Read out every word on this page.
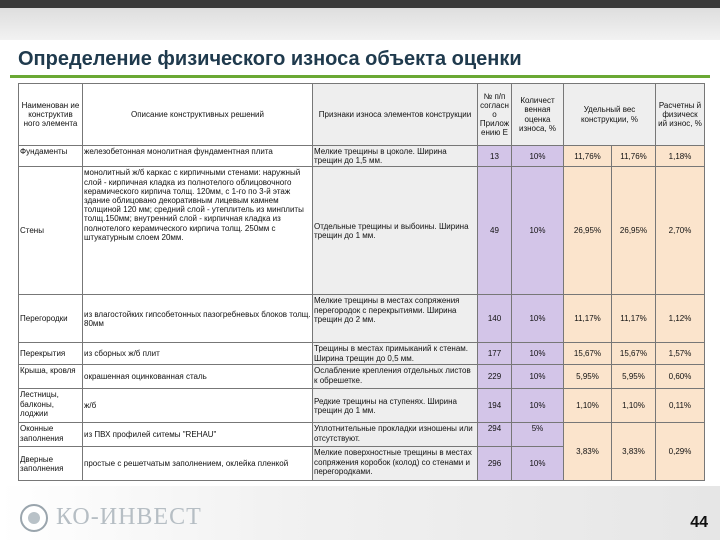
Определение физического износа объекта оценки
Наименован ие конструктив ного элемента	Описание конструктивных решений	Признаки износа элементов конструкции	№ п/п согласн о Прилож ению Е	Количест венная оценка износа, %	Удельный вес конструкции, %		Расчетны й физическ ий износ, %
Фундаменты	железобетонная монолитная фундаментная плита	Мелкие трещины в цоколе. Ширина трещин до 1,5 мм.	13	10%	11,76%	11,76%	1,18%
Стены	монолитный ж/б каркас с кирпичными стенами: наружный слой - кирпичная кладка из полнотелого облицовочного керамического кирпича толщ. 120мм, с 1-го по 3-й этаж здание облицовано декоративным лицевым камнем толщиной 120 мм; средний слой - утеплитель из минплиты толщ.150мм; внутренний слой - кирпичная кладка из полнотелого керамического кирпича толщ. 250мм с штукатурным слоем 20мм.	Отдельные трещины и выбоины. Ширина трещин до 1 мм.	49	10%	26,95%	26,95%	2,70%
Перегородки	из влагостойких гипсобетонных пазогребневых блоков толщ. 80мм	Мелкие трещины в местах сопряжения перегородок с перекрытиями. Ширина трещин до 2 мм.	140	10%	11,17%	11,17%	1,12%
Перекрытия	из сборных ж/б плит	Трещины в местах примыканий к стенам. Ширина трещин до 0,5 мм.	177	10%	15,67%	15,67%	1,57%
Крыша, кровля	окрашенная оцинкованная сталь	Ослабление крепления отдельных листов к обрешетке.	229	10%	5,95%	5,95%	0,60%
Лестницы, балконы, лоджии	ж/б	Редкие трещины на ступенях. Ширина трещин до 1 мм.	194	10%	1,10%	1,10%	0,11%
Оконные заполнения	из ПВХ профилей ситемы "REHAU"	Уплотнительные прокладки изношены или отсутствуют.	294	5%	3,83%	3,83%	0,29%
Дверные заполнения	простые с решетчатым заполнением, оклейка пленкой	Мелкие поверхностные трещины в местах сопряжения коробок (колод) со стенами и перегородками.	296	10%			
КО-ИНВЕСТ	44
